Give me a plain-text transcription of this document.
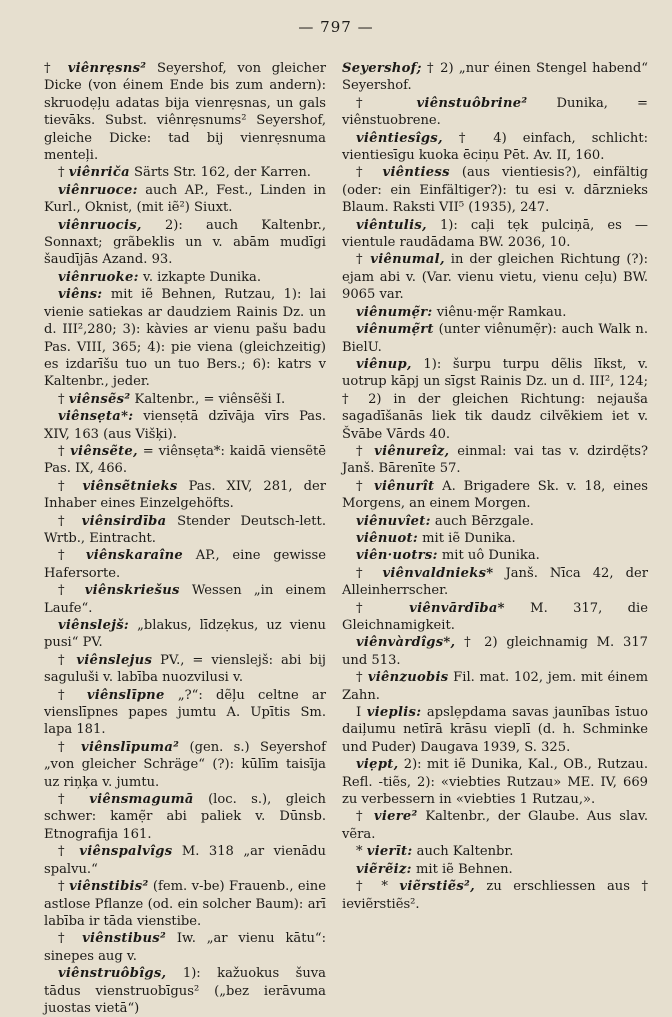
— 797 —

† viênrẹsns² Seyershof, von gleicher Dicke (von éinem Ende bis zum andern): skruodẹļu adatas bija vienrẹsnas, un gals tievāks. Subst. viênrẹsnums² Seyershof, gleiche Dicke: tad bij vienrẹsnuma menteļi.

† viênriča Särts Str. 162, der Karren.

viênruoce: auch AP., Fest., Linden in Kurl., Oknist, (mit iẽ²) Siuxt.

viênruocis, 2): auch Kaltenbr., Sonnaxt; grãbeklis un v. abām mudīgi šaudījās Azand. 93.

viênruoke: v. izkapte Dunika.

viêns: mit iẽ Behnen, Rutzau, 1): lai vienie satiekas ar daudziem Rainis Dz. un d. III²,280; 3): kàvies ar vienu pašu badu Pas. VIII, 365; 4): pie viena (gleichzeitig) es izdarīšu tuo un tuo Bers.; 6): katrs v Kaltenbr., jeder.

† viênsẽs² Kaltenbr., = viênsẽši I.

viênsẹta*: viensẹtā dzīvāja vīrs Pas. XIV, 163 (aus Višķi).

† viênsẽte, = viênsẹta*: kaidā viensẽtē Pas. IX, 466.

† viênsẽtnieks Pas. XIV, 281, der Inhaber eines Einzelgehöfts.

† viênsirdība Stender Deutsch-lett. Wrtb., Eintracht.

† viênskaraîne AP., eine gewisse Hafersorte.

† viênskriešus Wessen „in einem Laufe“.

viênslejš: „blakus, līdzẹkus, uz vienu pusi“ PV.

† viênslejus PV., = vienslejš: abi bij saguluši v. labība nuozvilusi v.

† viênslīpne „?“: dẽļu celtne ar vienslīpnes papes jumtu A. Upītis Sm. lapa 181.

† viênslīpuma² (gen. s.) Seyershof „von gleicher Schräge“ (?): kūlīm taisīja uz riņķa v. jumtu.

† viênsmagumā (loc. s.), gleich schwer: kamẹ̃r abi paliek v. Dūnsb. Etnografija 161.

† viênspalvîgs M. 318 „ar vienādu spalvu.“

† viênstibis² (fem. v-be) Frauenb., eine astlose Pflanze (od. ein solcher Baum): arī labība ir tāda vienstibe.

† viênstibus² Iw. „ar vienu kātu“: sinepes aug v.

viênstruôbîgs, 1): kažuokus šuva tādus vienstruobīgus² („bez ierāvuma juostas vietā“)

Seyershof; † 2) „nur éinen Stengel habend“ Seyershof.

† viênstuôbrine² Dunika, = viênstuobrene.

viêntiesîgs, † 4) einfach, schlicht: vientiesīgu kuoka ēciņu Pēt. Av. II, 160.

† viêntiess (aus vientiesis?), einfältig (oder: ein Einfältiger?): tu esi v. dārznieks Blaum. Raksti VII⁵ (1935), 247.

viêntulis, 1): caļi tẹk pulciņā, es — vientule raudādama BW. 2036, 10.

† viênumal, in der gleichen Richtung (?): ejam abi v. (Var. vienu vietu, vienu ceļu) BW. 9065 var.

viênumẹ̃r: viênu·mẹ̃r Ramkau.

viênumẹ̃rt (unter viênumẹ̃r): auch Walk n. BielU.

viênup, 1): šurpu turpu dẽlis līkst, v. uotrup kāpj un sīgst Rainis Dz. un d. III², 124; † 2) in der gleichen Richtung: nejauša sagadīšanās liek tik daudz cilvẽkiem iet v. Švābe Vārds 40.

† viênureîz, einmal: vai tas v. dzirdẹ̃ts? Janš. Bārenīte 57.

† viênurît A. Brigadere Sk. v. 18, eines Morgens, an einem Morgen.

viênuvîet: auch Bērzgale.

viênuot: mit iẽ Dunika.

viên·uotrs: mit uô Dunika.

† viênvaldnieks* Janš. Nīca 42, der Alleinherrscher.

† viênvārdība* M. 317, die Gleichnamigkeit.

viênvàrdîgs*, † 2) gleichnamig M. 317 und 513.

† viênzuobis Fil. mat. 102, jem. mit éinem Zahn.

I vieplis: apslẹpdama savas jaunības īstuo daiļumu netīrā krāsu vieplī (d. h. Schminke und Puder) Daugava 1939, S. 325.

viẹpt, 2): mit iẽ Dunika, Kal., OB., Rutzau. Refl. -tiẽs, 2): «viebties Rutzau» ME. IV, 669 zu verbessern in «viebties 1 Rutzau,».

† viere² Kaltenbr., der Glaube. Aus slav. vẽra.

* vierīt: auch Kaltenbr.

viẽrẽiz: mit iẽ Behnen.

† * viẽrstiẽs², zu erschliessen aus † ieviẽrstiẽs².
